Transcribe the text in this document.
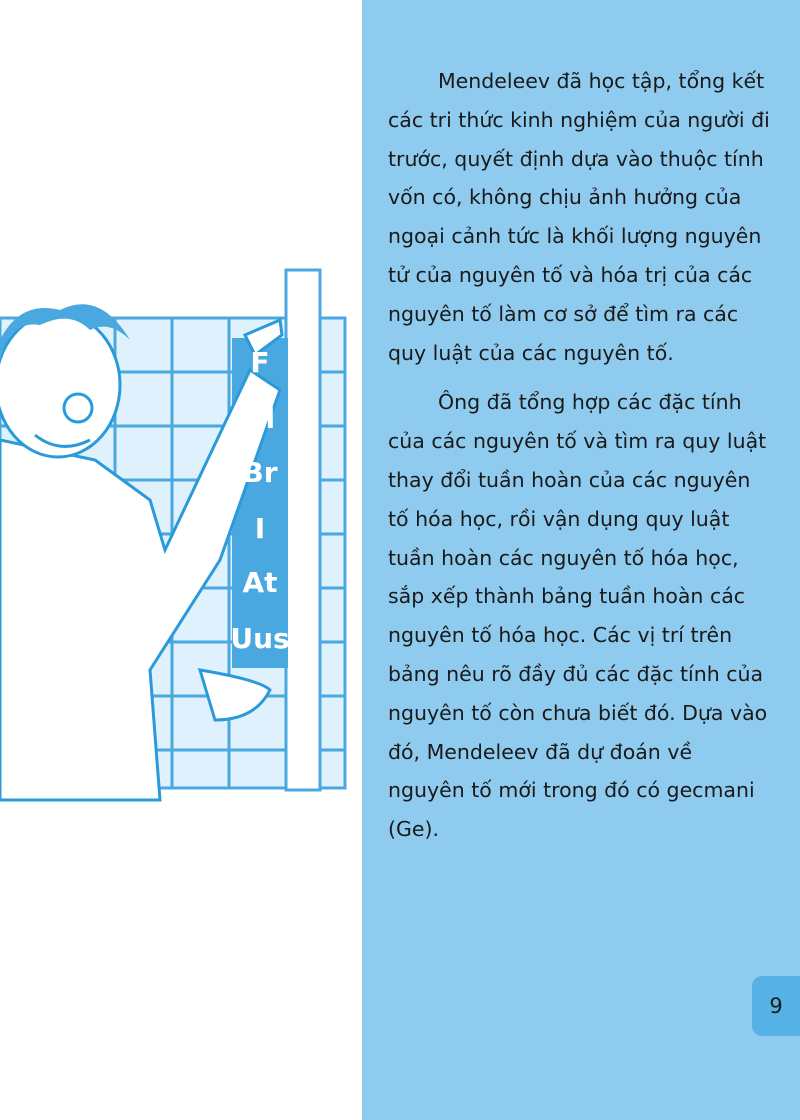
F
Cl
Br
I
At
Uus

Mendeleev đã học tập, tổng kết các tri thức kinh nghiệm của người đi trước, quyết định dựa vào thuộc tính vốn có, không chịu ảnh hưởng của ngoại cảnh tức là khối lượng nguyên tử của nguyên tố và hóa trị của các nguyên tố làm cơ sở để tìm ra các quy luật của các nguyên tố.

Ông đã tổng hợp các đặc tính của các nguyên tố và tìm ra quy luật thay đổi tuần hoàn của các nguyên tố hóa học, rồi vận dụng quy luật tuần hoàn các nguyên tố hóa học, sắp xếp thành bảng tuần hoàn các nguyên tố hóa học. Các vị trí trên bảng nêu rõ đầy đủ các đặc tính của nguyên tố còn chưa biết đó. Dựa vào đó, Mendeleev đã dự đoán về nguyên tố mới trong đó có gecmani (Ge).

9
